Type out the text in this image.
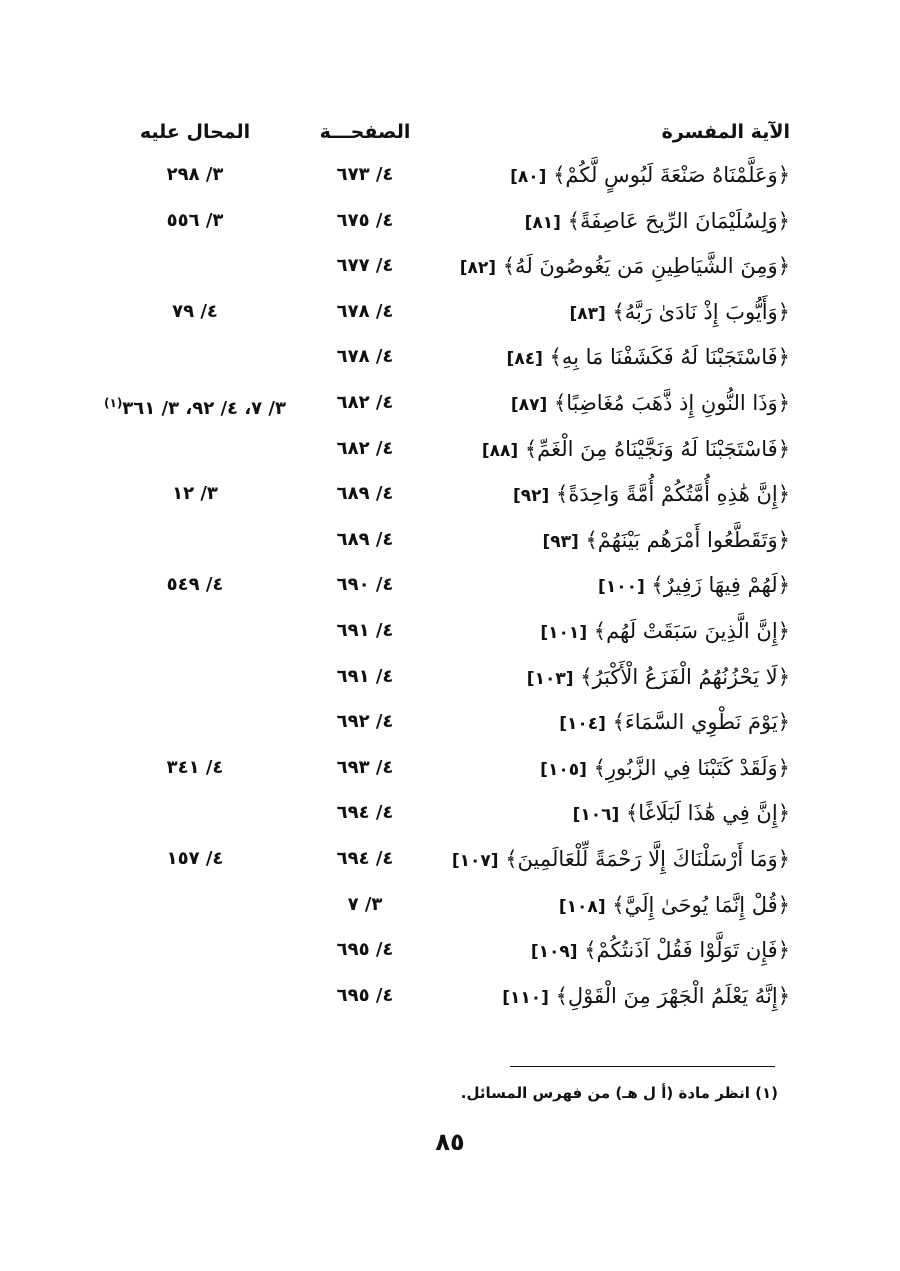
الآية المفسرة
الصفحـــة
المحال عليه
﴿وَعَلَّمْنَاهُ صَنْعَةَ لَبُوسٍ لَّكُمْ﴾ [٨٠]
٤/ ٦٧٣
٣/ ٢٩٨
﴿وَلِسُلَيْمَانَ الرِّيحَ عَاصِفَةً﴾ [٨١]
٤/ ٦٧٥
٣/ ٥٥٦
﴿وَمِنَ الشَّيَاطِينِ مَن يَغُوصُونَ لَهُ﴾ [٨٢]
٤/ ٦٧٧
﴿وَأَيُّوبَ إِذْ نَادَىٰ رَبَّهُ﴾ [٨٣]
٤/ ٦٧٨
٤/ ٧٩
﴿فَاسْتَجَبْنَا لَهُ فَكَشَفْنَا مَا بِهِ﴾ [٨٤]
٤/ ٦٧٨
﴿وَذَا النُّونِ إِذ ذَّهَبَ مُغَاضِبًا﴾ [٨٧]
٤/ ٦٨٢
٣/ ٧، ٤/ ٩٢، ٣/ ٣٦١$^{(١)}$
﴿فَاسْتَجَبْنَا لَهُ وَنَجَّيْنَاهُ مِنَ الْغَمِّ﴾ [٨٨]
٤/ ٦٨٢
﴿إِنَّ هَٰذِهِ أُمَّتُكُمْ أُمَّةً وَاحِدَةً﴾ [٩٢]
٤/ ٦٨٩
٣/ ١٢
﴿وَتَقَطَّعُوا أَمْرَهُم بَيْنَهُمْ﴾ [٩٣]
٤/ ٦٨٩
﴿لَهُمْ فِيهَا زَفِيرٌ﴾ [١٠٠]
٤/ ٦٩٠
٤/ ٥٤٩
﴿إِنَّ الَّذِينَ سَبَقَتْ لَهُم﴾ [١٠١]
٤/ ٦٩١
﴿لَا يَحْزُنُهُمُ الْفَزَعُ الْأَكْبَرُ﴾ [١٠٣]
٤/ ٦٩١
﴿يَوْمَ نَطْوِي السَّمَاءَ﴾ [١٠٤]
٤/ ٦٩٢
﴿وَلَقَدْ كَتَبْنَا فِي الزَّبُورِ﴾ [١٠٥]
٤/ ٦٩٣
٤/ ٣٤١
﴿إِنَّ فِي هَٰذَا لَبَلَاغًا﴾ [١٠٦]
٤/ ٦٩٤
﴿وَمَا أَرْسَلْنَاكَ إِلَّا رَحْمَةً لِّلْعَالَمِينَ﴾ [١٠٧]
٤/ ٦٩٤
٤/ ١٥٧
﴿قُلْ إِنَّمَا يُوحَىٰ إِلَيَّ﴾ [١٠٨]
٣/ ٧
﴿فَإِن تَوَلَّوْا فَقُلْ آذَنتُكُمْ﴾ [١٠٩]
٤/ ٦٩٥
﴿إِنَّهُ يَعْلَمُ الْجَهْرَ مِنَ الْقَوْلِ﴾ [١١٠]
٤/ ٦٩٥
(١) انظر مادة (أ ل هـ) من فهرس المسائل.
٨٥
